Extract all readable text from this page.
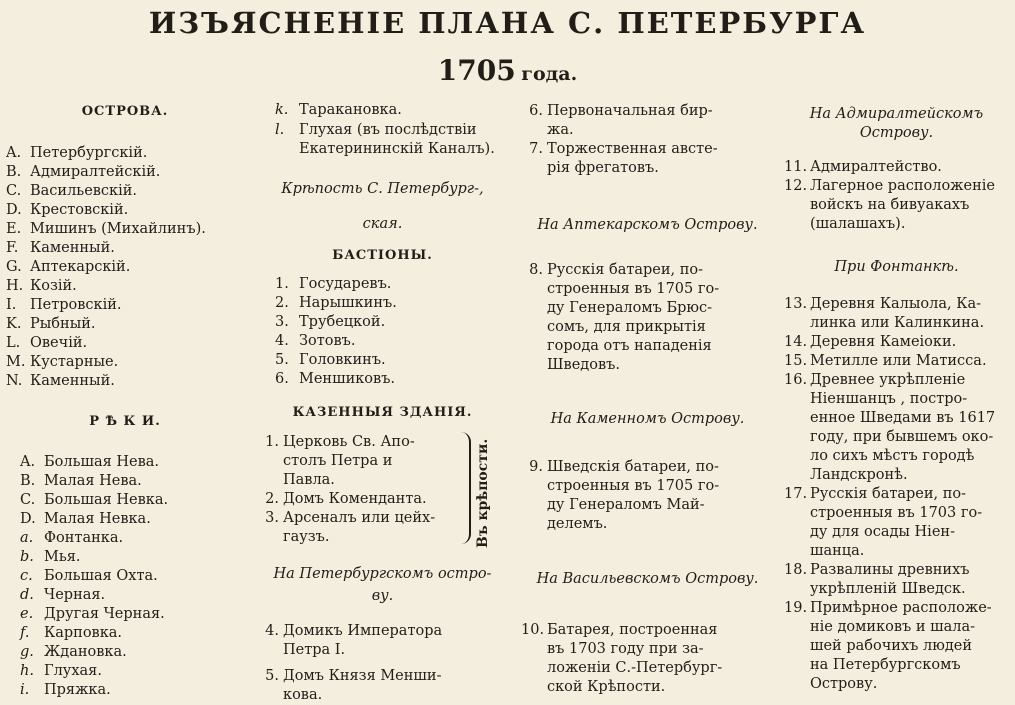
ИЗЪЯСНЕНІЕ ПЛАНА С. ПЕТЕРБУРГА
1705 года.
ОСТРОВА.
A. Петербургскій.
B. Адмиралтейскій.
C. Васильевскій.
D. Крестовскій.
E. Мишинъ (Михайлинъ).
F. Каменный.
G. Аптекарскій.
H. Козій.
I. Петровскій.
K. Рыбный.
L. Овечій.
M. Кустарные.
N. Каменный.
Р Ѣ К И.
A. Большая Нева.
B. Малая Нева.
C. Большая Невка.
D. Малая Невка.
a. Фонтанка.
b. Мья.
c. Большая Охта.
d. Черная.
e. Другая Черная.
f. Карповка.
g. Ждановка.
h. Глухая.
i. Пряжка.
k. Таракановка.
l. Глухая (въ послѣдствіи
Екатерининскій Каналъ).
Крѣпость С. Петербург-,
ская.
БАСТІОНЫ.
1. Государевъ.
2. Нарышкинъ.
3. Трубецкой.
4. Зотовъ.
5. Головкинъ.
6. Меншиковъ.
КАЗЕННЫЯ ЗДАНІЯ.
1. Церковь Св. Апо-
столъ Петра и
Павла.
2. Домъ Коменданта.
3. Арсеналъ или цейх-
гаузъ.	Въ крѣпости.
На Петербургскомъ остро-
ву.
4. Домикъ Императора
Петра I.
5. Домъ Князя Менши-
кова.
6. Первоначальная бир-
жа.
7. Торжественная австе-
рія фрегатовъ.
На Аптекарскомъ Острову.
8. Русскія батареи, по-
строенныя въ 1705 го-
ду Генераломъ Брюс-
сомъ, для прикрытія
города отъ нападенія
Шведовъ.
На Каменномъ Острову.
9. Шведскія батареи, по-
строенныя въ 1705 го-
ду Генераломъ Май-
делемъ.
На Васильевскомъ Острову.
10. Батарея, построенная
въ 1703 году при за-
ложеніи С.-Петербург-
ской Крѣпости.
На Адмиралтейскомъ
Острову.
11. Адмиралтейство.
12. Лагерное расположеніе
войскъ на бивуакахъ
(шалашахъ).
При Фонтанкѣ.
13. Деревня Калыола, Ка-
линка или Калинкина.
14. Деревня Камеіоки.
15. Метилле или Матисса.
16. Древнее укрѣпленіе
Ніеншанцъ , постро-
енное Шведами въ 1617
году, при бывшемъ око-
ло сихъ мѣстъ городѣ
Ландскронѣ.
17. Русскія батареи, по-
строенныя въ 1703 го-
ду для осады Ніен-
шанца.
18. Развалины древнихъ
укрѣпленій Шведск.
19. Примѣрное расположе-
ніе домиковъ и шала-
шей рабочихъ людей
на Петербургскомъ
Острову.
